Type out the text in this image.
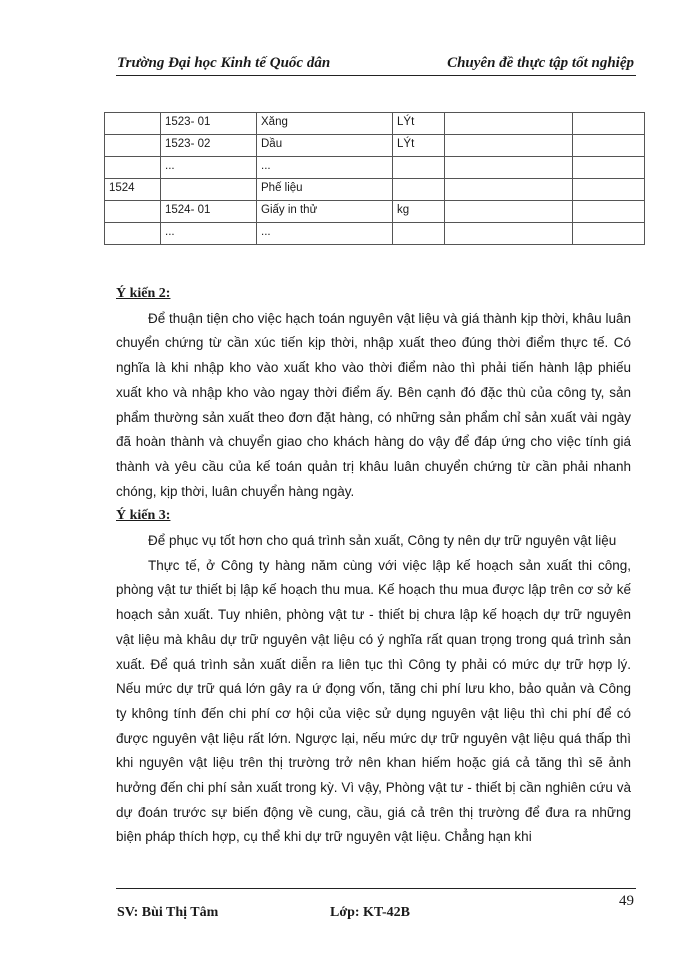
Trường Đại học Kinh tế Quốc dân	Chuyên đề thực tập tốt nghiệp
	1523- 01	Xăng	LÝt		
	1523- 02	Dầu	LÝt		
	...	...			
1524		Phế liệu			
	1524- 01	Giấy in thử	kg		
	...	...			

Ý kiến 2:

Để thuận tiện cho việc hạch toán nguyên vật liệu và giá thành kịp thời, khâu luân chuyển chứng từ cần xúc tiến kịp thời, nhập xuất theo đúng thời điểm thực tế. Có nghĩa là khi nhập kho vào xuất kho vào thời điểm nào thì phải tiến hành lập phiếu xuất kho và nhập kho vào ngay thời điểm ấy. Bên cạnh đó đặc thù của công ty, sản phẩm thường sản xuất theo đơn đặt hàng, có những sản phẩm chỉ sản xuất vài ngày đã hoàn thành và chuyển giao cho khách hàng do vậy để đáp ứng cho việc tính giá thành và yêu cầu của kế toán quản trị khâu luân chuyển chứng từ cần phải nhanh chóng, kịp thời, luân chuyển hàng ngày.

Ý kiến 3:

Để phục vụ tốt hơn cho quá trình sản xuất, Công ty nên dự trữ nguyên vật liệu

Thực tế, ở Công ty hàng năm cùng với việc lập kế hoạch sản xuất thi công, phòng vật tư thiết bị lập kế hoạch thu mua. Kế hoạch thu mua được lập trên cơ sở kế hoạch sản xuất. Tuy nhiên, phòng vật tư - thiết bị chưa lập kế hoạch dự trữ nguyên vật liệu mà khâu dự trữ nguyên vật liệu có ý nghĩa rất quan trọng trong quá trình sản xuất. Để quá trình sản xuất diễn ra liên tục thì Công ty phải có mức dự trữ hợp lý. Nếu mức dự trữ quá lớn gây ra ứ đọng vốn, tăng chi phí lưu kho, bảo quản và Công ty không tính đến chi phí cơ hội của việc sử dụng nguyên vật liệu thì chi phí để có được nguyên vật liệu rất lớn. Ngược lại, nếu mức dự trữ nguyên vật liệu quá thấp thì khi nguyên vật liệu trên thị trường trở nên khan hiếm hoặc giá cả tăng thì sẽ ảnh hưởng đến chi phí sản xuất trong kỳ. Vì vậy, Phòng vật tư - thiết bị cần nghiên cứu và dự đoán trước sự biến động về cung, cầu, giá cả trên thị trường để đưa ra những biện pháp thích hợp, cụ thể khi dự trữ nguyên vật liệu. Chẳng hạn khi

SV: Bùi Thị Tâm	Lớp: KT-42B
49
